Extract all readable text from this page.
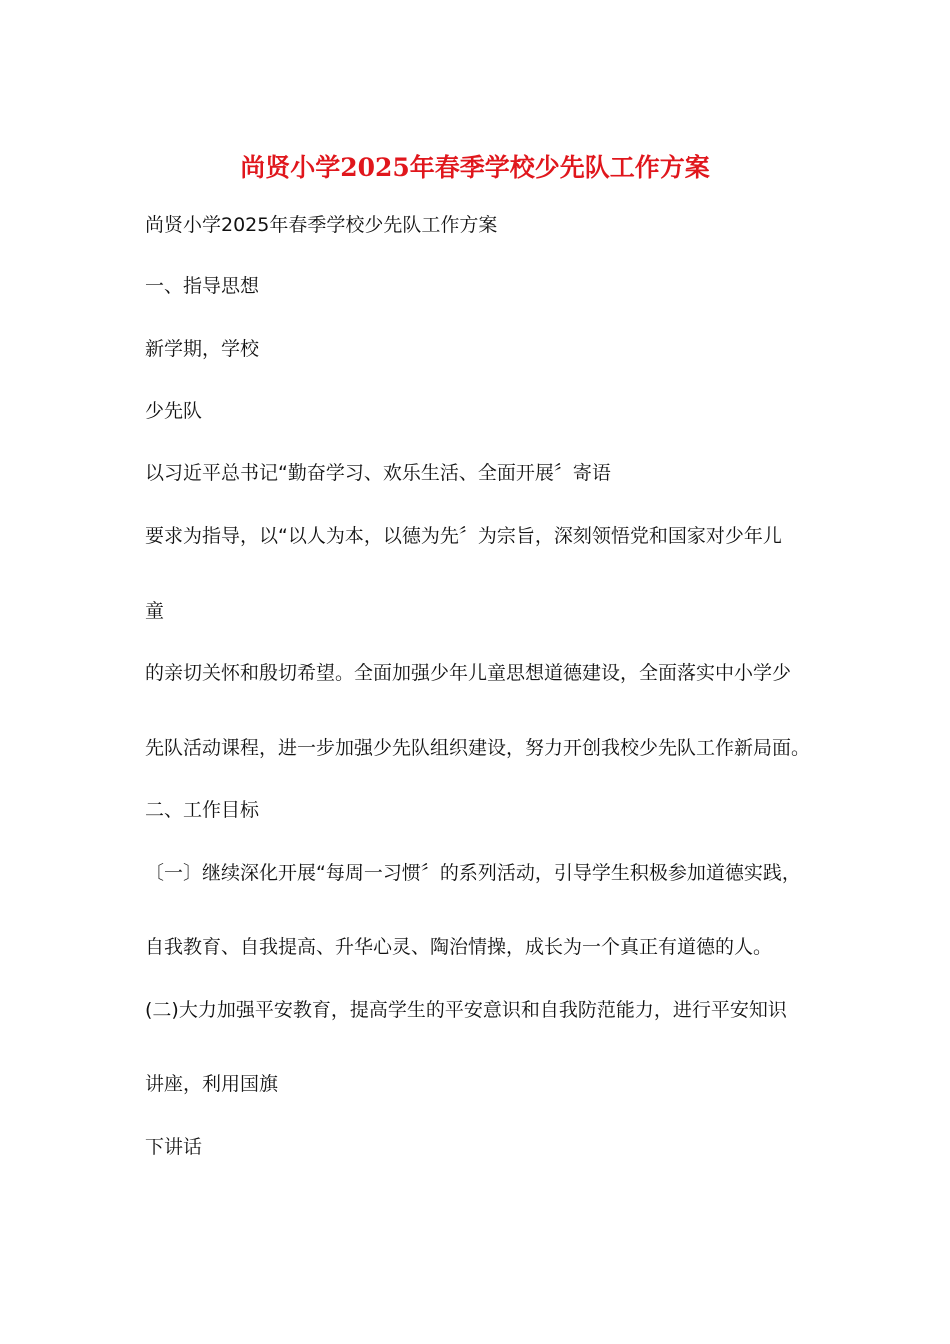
尚贤小学2025年春季学校少先队工作方案
尚贤小学2025年春季学校少先队工作方案
一、指导思想
新学期，学校
少先队
以习近平总书记“勤奋学习、欢乐生活、全面开展〞寄语
要求为指导，以“以人为本，以德为先〞为宗旨，深刻领悟党和国家对少年儿
童
的亲切关怀和殷切希望。全面加强少年儿童思想道德建设，全面落实中小学少
先队活动课程，进一步加强少先队组织建设，努力开创我校少先队工作新局面。
二、工作目标
〔一〕继续深化开展“每周一习惯〞的系列活动，引导学生积极参加道德实践，
自我教育、自我提高、升华心灵、陶治情操，成长为一个真正有道德的人。
(二)大力加强平安教育，提高学生的平安意识和自我防范能力，进行平安知识
讲座，利用国旗
下讲话
